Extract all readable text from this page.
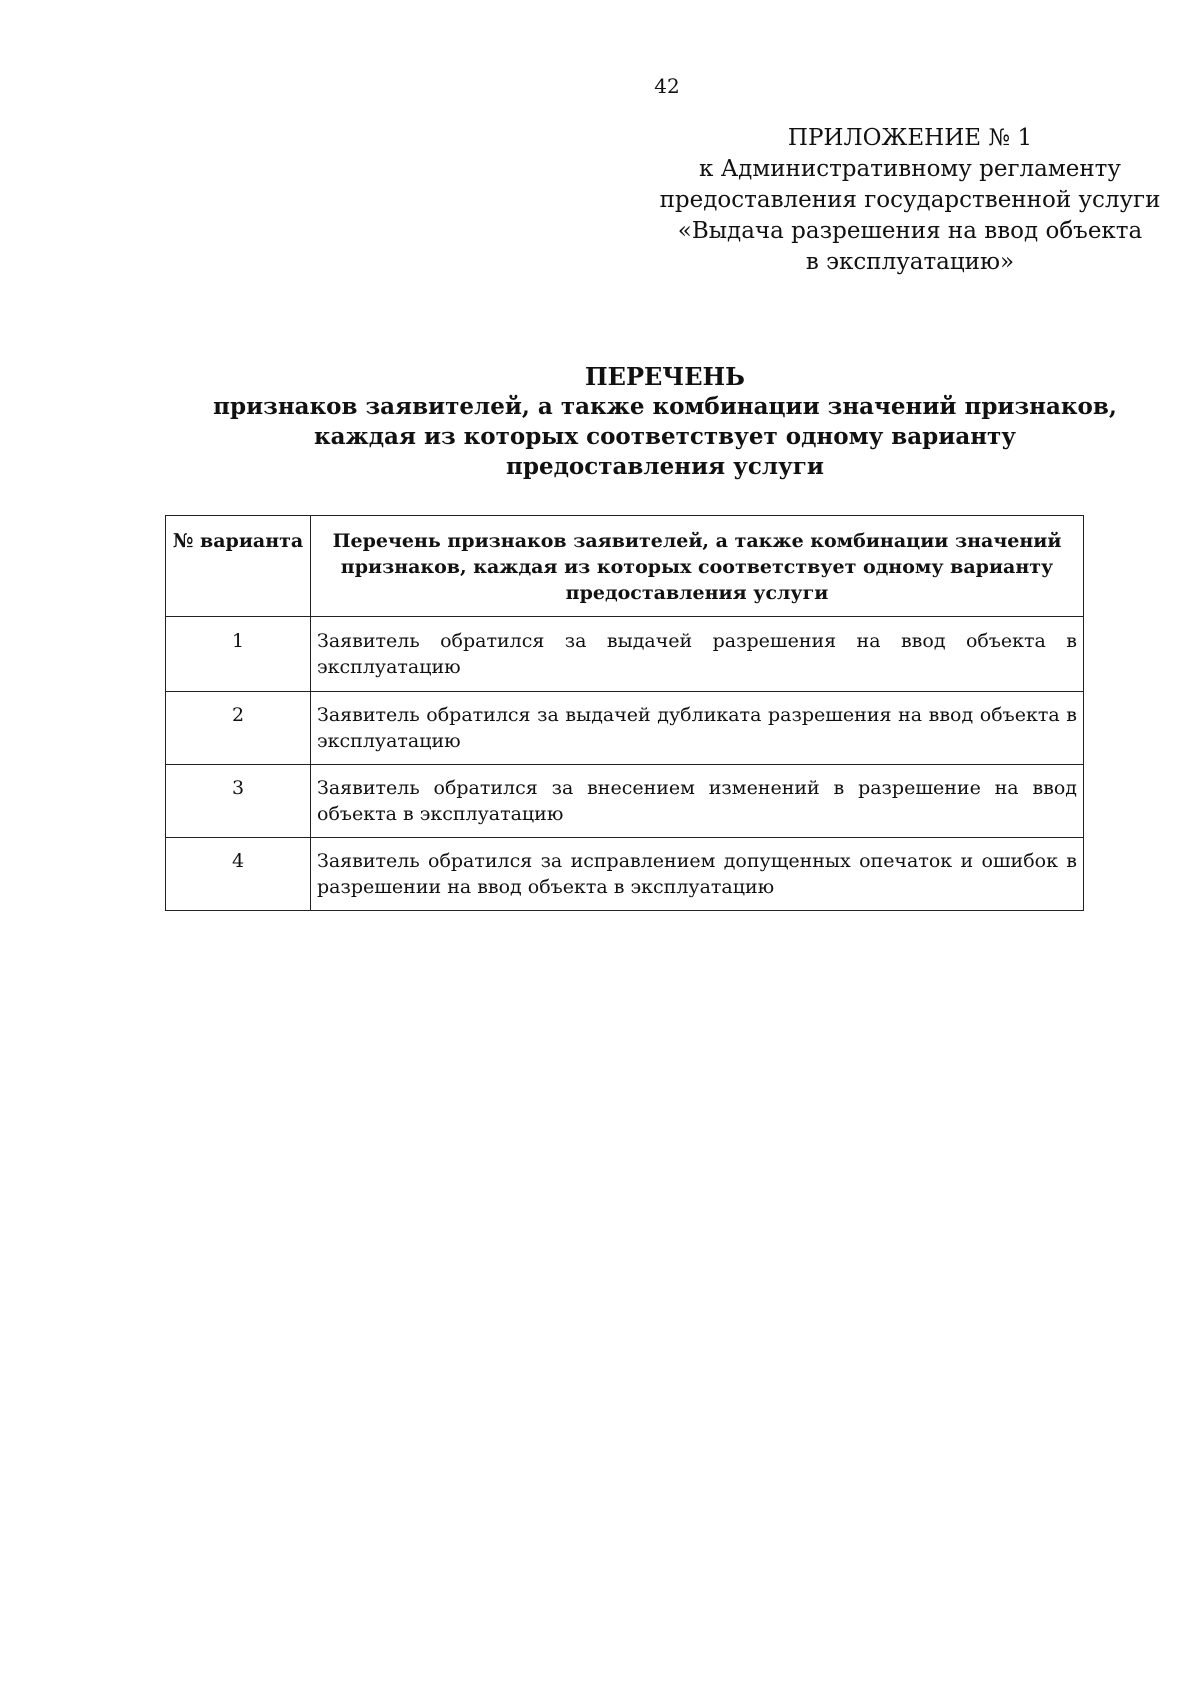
42
ПРИЛОЖЕНИЕ № 1
к Административному регламенту
предоставления государственной услуги
«Выдача разрешения на ввод объекта
в эксплуатацию»
ПЕРЕЧЕНЬ
признаков заявителей, а также комбинации значений признаков,
каждая из которых соответствует одному варианту
предоставления услуги
№ варианта	Перечень признаков заявителей, а также комбинации значений признаков, каждая из которых соответствует одному варианту предоставления услуги
1	Заявитель обратился за выдачей разрешения на ввод объекта в эксплуатацию
2	Заявитель обратился за выдачей дубликата разрешения на ввод объекта в эксплуатацию
3	Заявитель обратился за внесением изменений в разрешение на ввод объекта в эксплуатацию
4	Заявитель обратился за исправлением допущенных опечаток и ошибок в разрешении на ввод объекта в эксплуатацию
